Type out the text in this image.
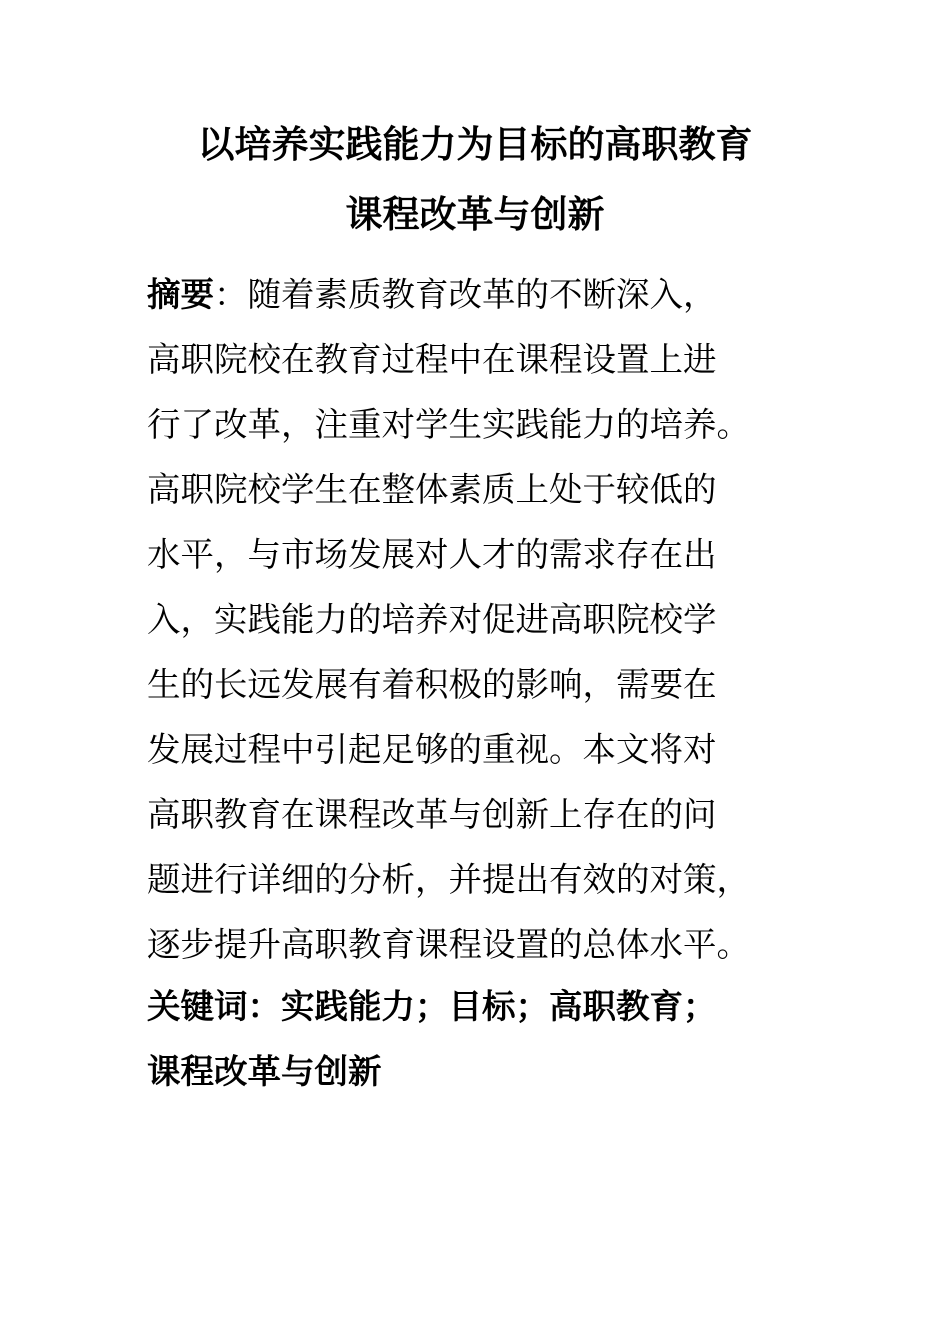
以培养实践能力为目标的高职教育
课程改革与创新
摘要：随着素质教育改革的不断深入，
高职院校在教育过程中在课程设置上进
行了改革，注重对学生实践能力的培养。
高职院校学生在整体素质上处于较低的
水平，与市场发展对人才的需求存在出
入，实践能力的培养对促进高职院校学
生的长远发展有着积极的影响，需要在
发展过程中引起足够的重视。本文将对
高职教育在课程改革与创新上存在的问
题进行详细的分析，并提出有效的对策，
逐步提升高职教育课程设置的总体水平。
关键词：实践能力；目标；高职教育；
课程改革与创新
